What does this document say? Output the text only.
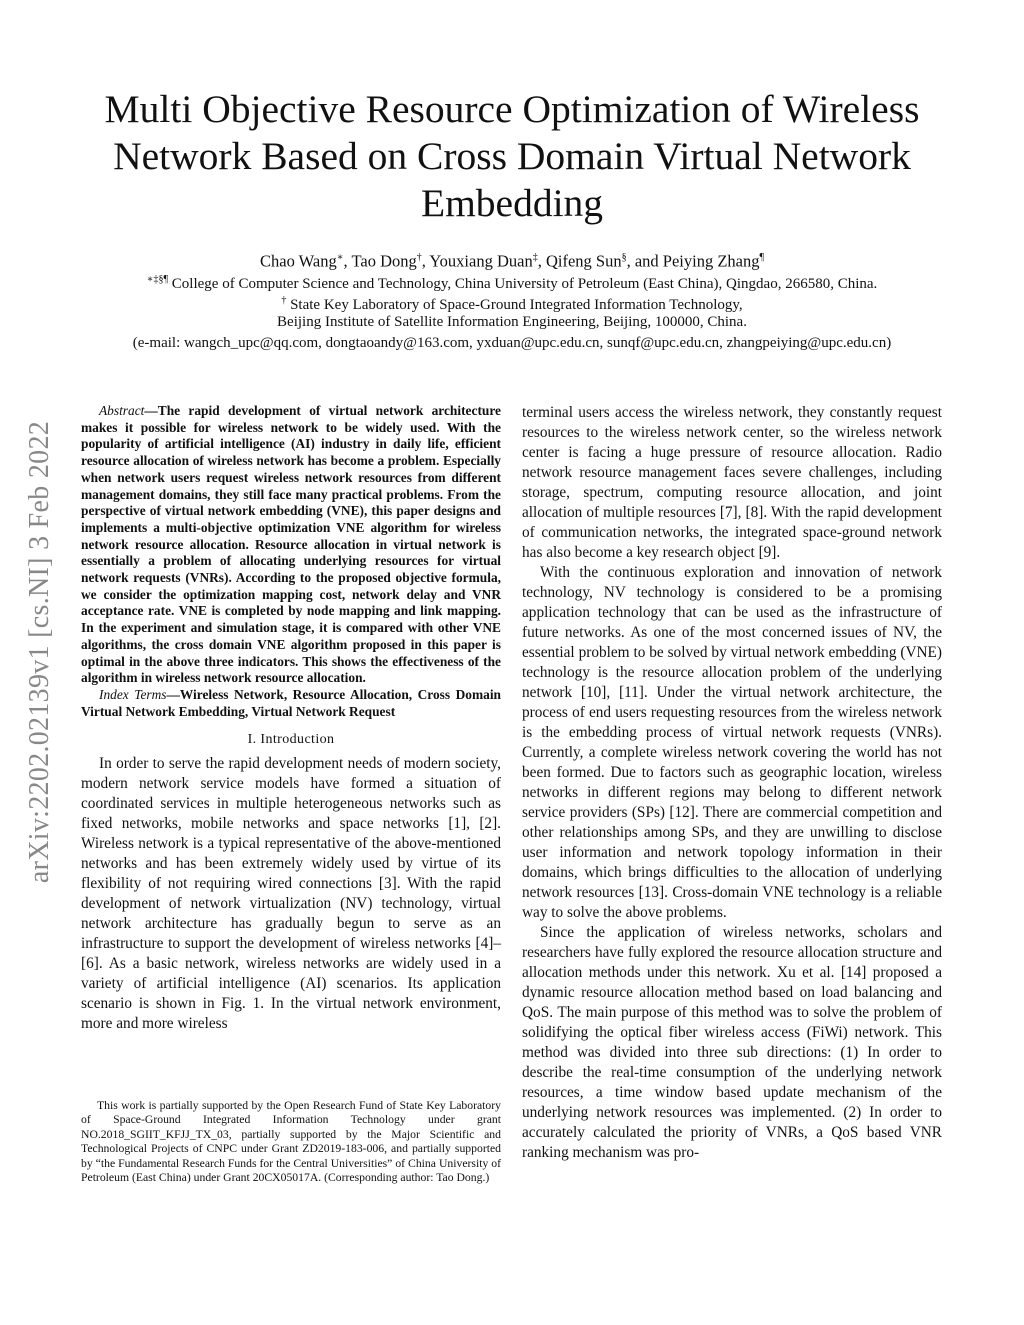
arXiv:2202.02139v1 [cs.NI] 3 Feb 2022
Multi Objective Resource Optimization of Wireless Network Based on Cross Domain Virtual Network Embedding
Chao Wang∗, Tao Dong†, Youxiang Duan‡, Qifeng Sun§, and Peiying Zhang¶
∗‡§¶ College of Computer Science and Technology, China University of Petroleum (East China), Qingdao, 266580, China.
† State Key Laboratory of Space-Ground Integrated Information Technology,
Beijing Institute of Satellite Information Engineering, Beijing, 100000, China.
(e-mail: wangch_upc@qq.com, dongtaoandy@163.com, yxduan@upc.edu.cn, sunqf@upc.edu.cn, zhangpeiying@upc.edu.cn)

Abstract—The rapid development of virtual network architecture makes it possible for wireless network to be widely used. With the popularity of artificial intelligence (AI) industry in daily life, efficient resource allocation of wireless network has become a problem. Especially when network users request wireless network resources from different management domains, they still face many practical problems. From the perspective of virtual network embedding (VNE), this paper designs and implements a multi-objective optimization VNE algorithm for wireless network resource allocation. Resource allocation in virtual network is essentially a problem of allocating underlying resources for virtual network requests (VNRs). According to the proposed objective formula, we consider the optimization mapping cost, network delay and VNR acceptance rate. VNE is completed by node mapping and link mapping. In the experiment and simulation stage, it is compared with other VNE algorithms, the cross domain VNE algorithm proposed in this paper is optimal in the above three indicators. This shows the effectiveness of the algorithm in wireless network resource allocation.

Index Terms—Wireless Network, Resource Allocation, Cross Domain Virtual Network Embedding, Virtual Network Request

I. Introduction

In order to serve the rapid development needs of modern society, modern network service models have formed a situation of coordinated services in multiple heterogeneous networks such as fixed networks, mobile networks and space networks [1], [2]. Wireless network is a typical representative of the above-mentioned networks and has been extremely widely used by virtue of its flexibility of not requiring wired connections [3]. With the rapid development of network virtualization (NV) technology, virtual network architecture has gradually begun to serve as an infrastructure to support the development of wireless networks [4]–[6]. As a basic network, wireless networks are widely used in a variety of artificial intelligence (AI) scenarios. Its application scenario is shown in Fig. 1. In the virtual network environment, more and more wireless

This work is partially supported by the Open Research Fund of State Key Laboratory of Space-Ground Integrated Information Technology under grant NO.2018_SGIIT_KFJJ_TX_03, partially supported by the Major Scientific and Technological Projects of CNPC under Grant ZD2019-183-006, and partially supported by “the Fundamental Research Funds for the Central Universities” of China University of Petroleum (East China) under Grant 20CX05017A. (Corresponding author: Tao Dong.)

terminal users access the wireless network, they constantly request resources to the wireless network center, so the wireless network center is facing a huge pressure of resource allocation. Radio network resource management faces severe challenges, including storage, spectrum, computing resource allocation, and joint allocation of multiple resources [7], [8]. With the rapid development of communication networks, the integrated space-ground network has also become a key research object [9].

With the continuous exploration and innovation of network technology, NV technology is considered to be a promising application technology that can be used as the infrastructure of future networks. As one of the most concerned issues of NV, the essential problem to be solved by virtual network embedding (VNE) technology is the resource allocation problem of the underlying network [10], [11]. Under the virtual network architecture, the process of end users requesting resources from the wireless network is the embedding process of virtual network requests (VNRs). Currently, a complete wireless network covering the world has not been formed. Due to factors such as geographic location, wireless networks in different regions may belong to different network service providers (SPs) [12]. There are commercial competition and other relationships among SPs, and they are unwilling to disclose user information and network topology information in their domains, which brings difficulties to the allocation of underlying network resources [13]. Cross-domain VNE technology is a reliable way to solve the above problems.

Since the application of wireless networks, scholars and researchers have fully explored the resource allocation structure and allocation methods under this network. Xu et al. [14] proposed a dynamic resource allocation method based on load balancing and QoS. The main purpose of this method was to solve the problem of solidifying the optical fiber wireless access (FiWi) network. This method was divided into three sub directions: (1) In order to describe the real-time consumption of the underlying network resources, a time window based update mechanism of the underlying network resources was implemented. (2) In order to accurately calculated the priority of VNRs, a QoS based VNR ranking mechanism was pro-
